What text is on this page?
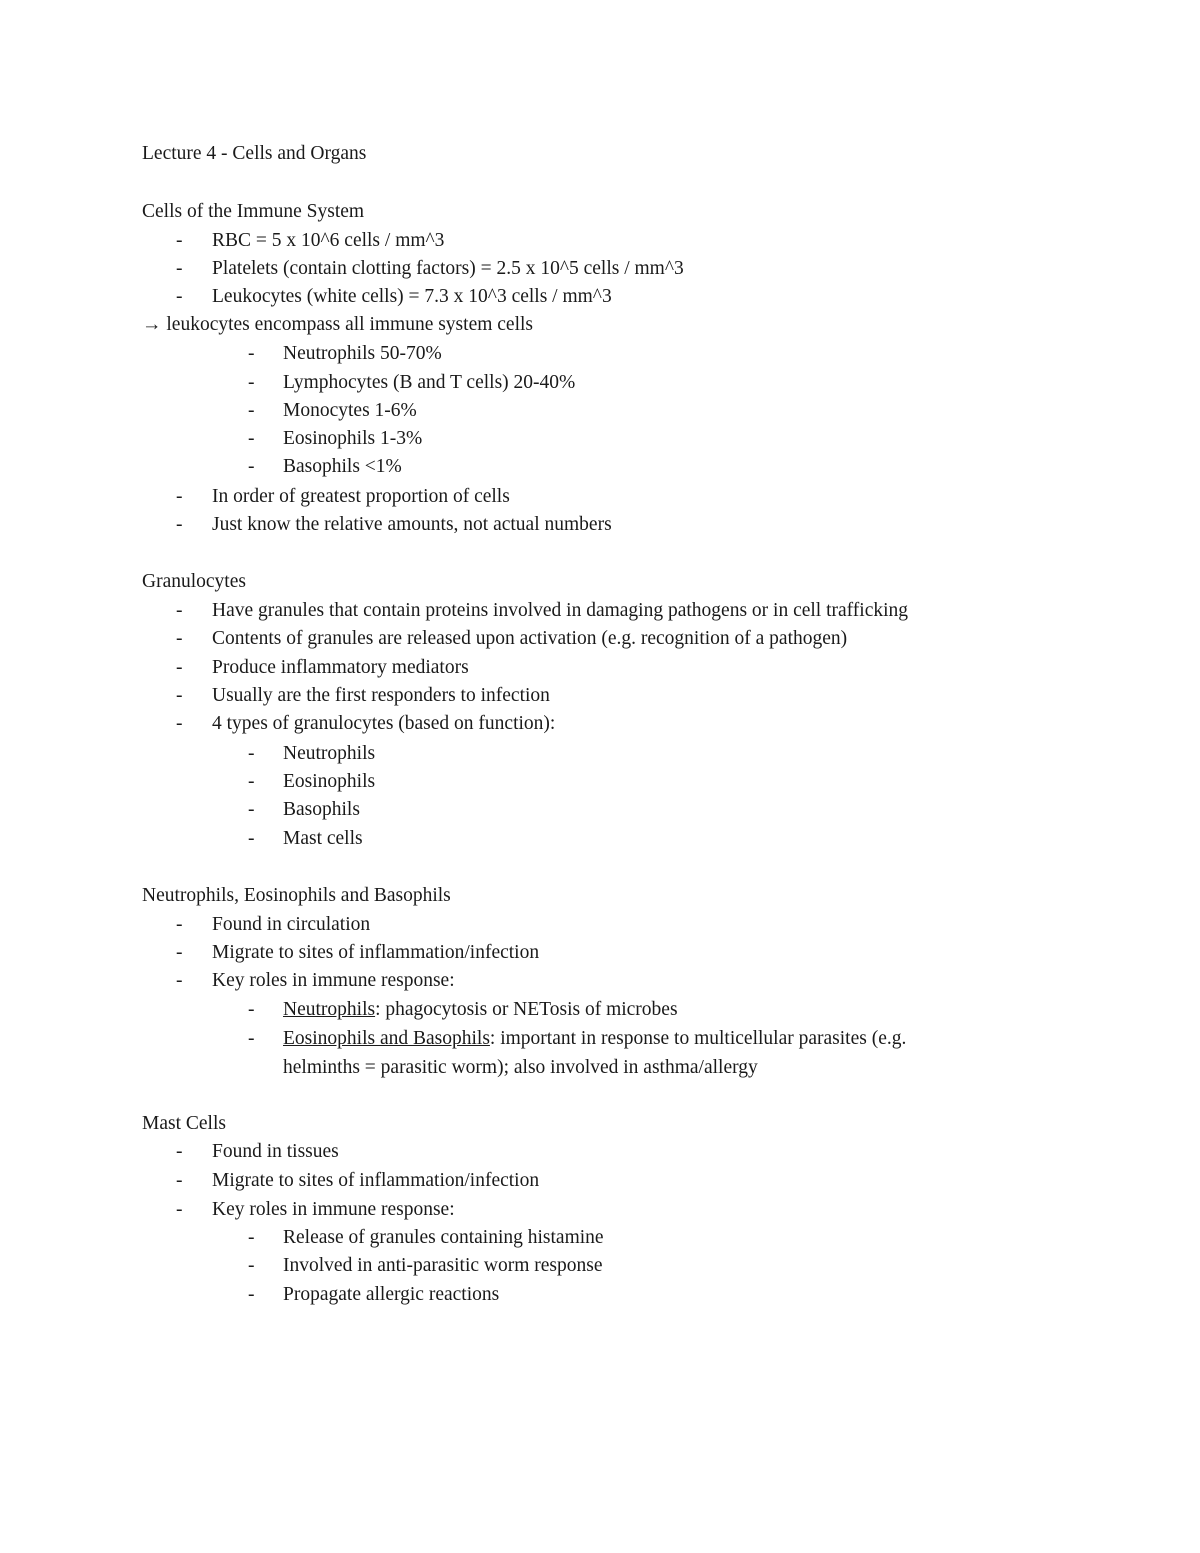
Lecture 4 - Cells and Organs
Cells of the Immune System
-	RBC = 5 x 10^6 cells / mm^3
-	Platelets (contain clotting factors) = 2.5 x 10^5 cells / mm^3
-	Leukocytes (white cells) = 7.3 x 10^3 cells / mm^3
→ leukocytes encompass all immune system cells
-	Neutrophils 50-70%
-	Lymphocytes (B and T cells) 20-40%
-	Monocytes 1-6%
-	Eosinophils 1-3%
-	Basophils <1%
-	In order of greatest proportion of cells
-	Just know the relative amounts, not actual numbers
Granulocytes
-	Have granules that contain proteins involved in damaging pathogens or in cell trafficking
-	Contents of granules are released upon activation (e.g. recognition of a pathogen)
-	Produce inflammatory mediators
-	Usually are the first responders to infection
-	4 types of granulocytes (based on function):
-	Neutrophils
-	Eosinophils
-	Basophils
-	Mast cells
Neutrophils, Eosinophils and Basophils
-	Found in circulation
-	Migrate to sites of inflammation/infection
-	Key roles in immune response:
-	Neutrophils: phagocytosis or NETosis of microbes
-	Eosinophils and Basophils: important in response to multicellular parasites (e.g.
helminths = parasitic worm); also involved in asthma/allergy
Mast Cells
-	Found in tissues
-	Migrate to sites of inflammation/infection
-	Key roles in immune response:
-	Release of granules containing histamine
-	Involved in anti-parasitic worm response
-	Propagate allergic reactions
